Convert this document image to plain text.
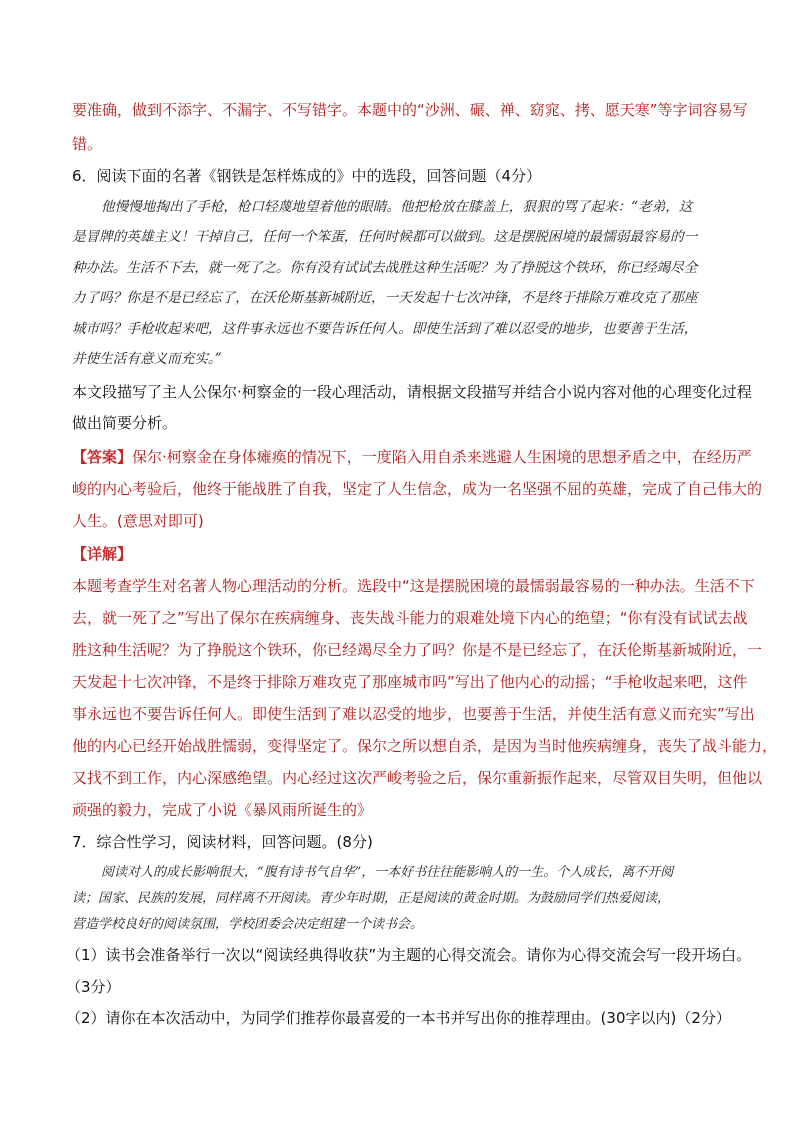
要准确，做到不添字、不漏字、不写错字。本题中的“沙洲、碾、禅、窈窕、拷、愿天寒”等字词容易写
错。
6．阅读下面的名著《钢铁是怎样炼成的》中的选段，回答问题（4分）
他慢慢地掏出了手枪，枪口轻蔑地望着他的眼睛。他把枪放在膝盖上，狠狠的骂了起来：“老弟，这
是冒牌的英雄主义！干掉自己，任何一个笨蛋，任何时候都可以做到。这是摆脱困境的最懦弱最容易的一
种办法。生活不下去，就一死了之。你有没有试试去战胜这种生活呢？为了挣脱这个铁环，你已经竭尽全
力了吗？你是不是已经忘了，在沃伦斯基新城附近，一天发起十七次冲锋，不是终于排除万难攻克了那座
城市吗？手枪收起来吧，这件事永远也不要告诉任何人。即使生活到了难以忍受的地步，也要善于生活，
并使生活有意义而充实。”
本文段描写了主人公保尔·柯察金的一段心理活动，请根据文段描写并结合小说内容对他的心理变化过程
做出简要分析。
【答案】保尔·柯察金在身体瘫痪的情况下，一度陷入用自杀来逃避人生困境的思想矛盾之中，在经历严
峻的内心考验后，他终于能战胜了自我，坚定了人生信念，成为一名坚强不屈的英雄，完成了自己伟大的
人生。(意思对即可)
【详解】
本题考查学生对名著人物心理活动的分析。选段中“这是摆脱困境的最懦弱最容易的一种办法。生活不下
去，就一死了之”写出了保尔在疾病缠身、丧失战斗能力的艰难处境下内心的绝望；“你有没有试试去战
胜这种生活呢？为了挣脱这个铁环，你已经竭尽全力了吗？你是不是已经忘了，在沃伦斯基新城附近，一
天发起十七次冲锋，不是终于排除万难攻克了那座城市吗”写出了他内心的动摇；“手枪收起来吧，这件
事永远也不要告诉任何人。即使生活到了难以忍受的地步，也要善于生活，并使生活有意义而充实”写出
他的内心已经开始战胜懦弱，变得坚定了。保尔之所以想自杀，是因为当时他疾病缠身，丧失了战斗能力，
又找不到工作，内心深感绝望。内心经过这次严峻考验之后，保尔重新振作起来，尽管双目失明，但他以
顽强的毅力，完成了小说《暴风雨所诞生的》
7．综合性学习，阅读材料，回答问题。(8分)
阅读对人的成长影响很大，“腹有诗书气自华”，一本好书往往能影响人的一生。个人成长，离不开阅
读；国家、民族的发展，同样离不开阅读。青少年时期，正是阅读的黄金时期。为鼓励同学们热爱阅读，
营造学校良好的阅读氛围，学校团委会决定组建一个读书会。
（1）读书会准备举行一次以“阅读经典得收获”为主题的心得交流会。请你为心得交流会写一段开场白。
（3分）
（2）请你在本次活动中，为同学们推荐你最喜爱的一本书并写出你的推荐理由。(30字以内)（2分）
